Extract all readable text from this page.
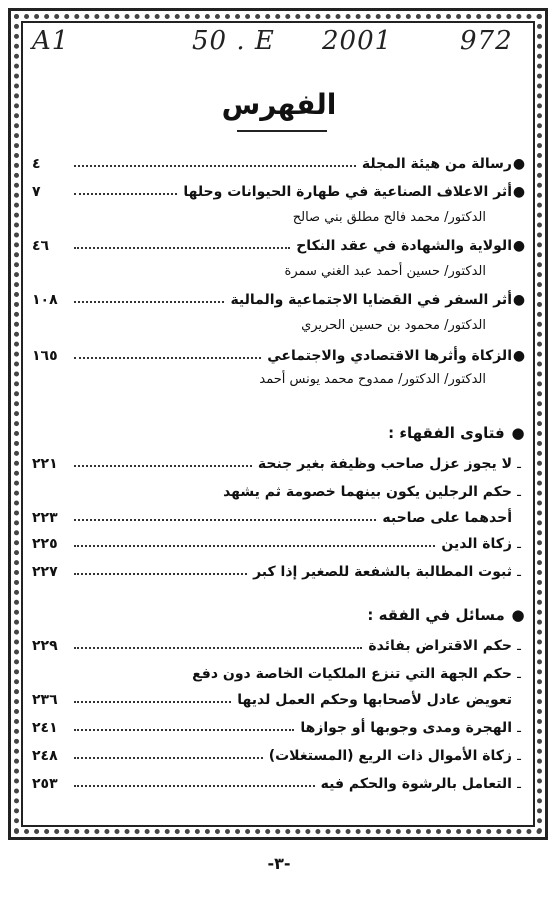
A1	50 . E 2001	972
الفهرس
●
رسالة من هيئة المجلة
٤
●
أثر الاعلاف الصناعية في طهارة الحيوانات وحلها
٧
الدكتور/ محمد فالح مطلق بني صالح
●
الولاية والشهادة في عقد النكاح
٤٦
الدكتور/ حسين أحمد عبد الغني سمرة
●
أثر السفر في القضايا الاجتماعية والمالية
١٠٨
الدكتور/ محمود بن حسين الحريري
●
الزكاة وأثرها الاقتصادي والاجتماعي
١٦٥
الدكتور/ الدكتور/ ممدوح محمد يونس أحمد
● فتاوى الفقهاء :
ـ
لا يجوز عزل صاحب وظيفة بغير جنحة
٢٢١
ـ
حكم الرجلين يكون بينهما خصومة ثم يشهد
أحدهما على صاحبه
٢٢٣
ـ
زكاة الدين
٢٢٥
ـ
ثبوت المطالبة بالشفعة للصغير إذا كبر
٢٢٧
● مسائل في الفقه :
ـ
حكم الاقتراض بفائدة
٢٢٩
ـ
حكم الجهة التي تنزع الملكيات الخاصة دون دفع
تعويض عادل لأصحابها وحكم العمل لديها
٢٣٦
ـ
الهجرة ومدى وجوبها أو جوازها
٢٤١
ـ
زكاة الأموال ذات الريع (المستغلات)
٢٤٨
ـ
التعامل بالرشوة والحكم فيه
٢٥٣
-٣-
